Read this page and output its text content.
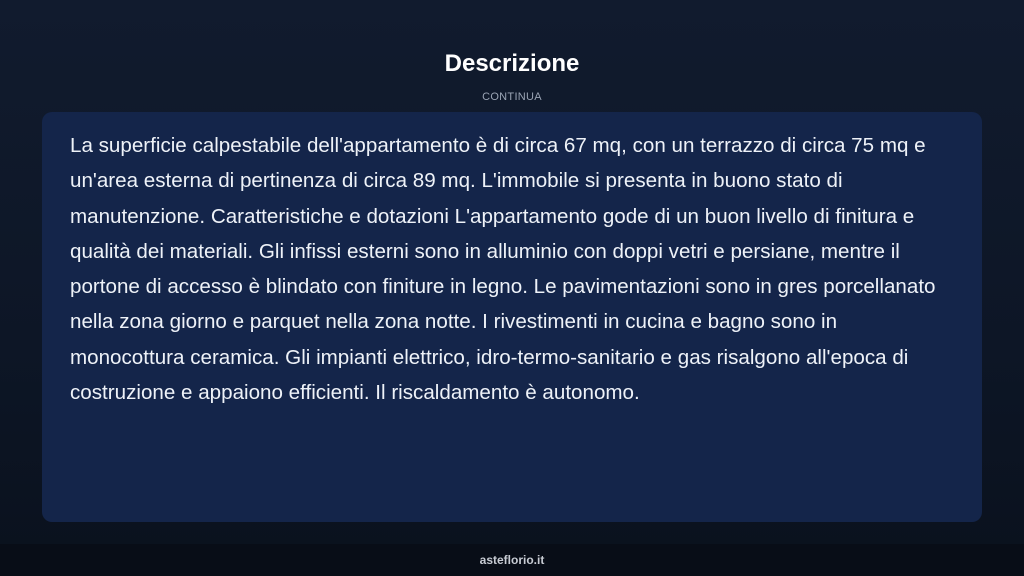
Descrizione
CONTINUA

La superficie calpestabile dell'appartamento è di circa 67 mq, con un terrazzo di circa 75 mq e un'area esterna di pertinenza di circa 89 mq. L'immobile si presenta in buono stato di manutenzione. Caratteristiche e dotazioni L'appartamento gode di un buon livello di finitura e qualità dei materiali. Gli infissi esterni sono in alluminio con doppi vetri e persiane, mentre il portone di accesso è blindato con finiture in legno. Le pavimentazioni sono in gres porcellanato nella zona giorno e parquet nella zona notte. I rivestimenti in cucina e bagno sono in monocottura ceramica. Gli impianti elettrico, idro-termo-sanitario e gas risalgono all'epoca di costruzione e appaiono efficienti. Il riscaldamento è autonomo.

asteflorio.it
